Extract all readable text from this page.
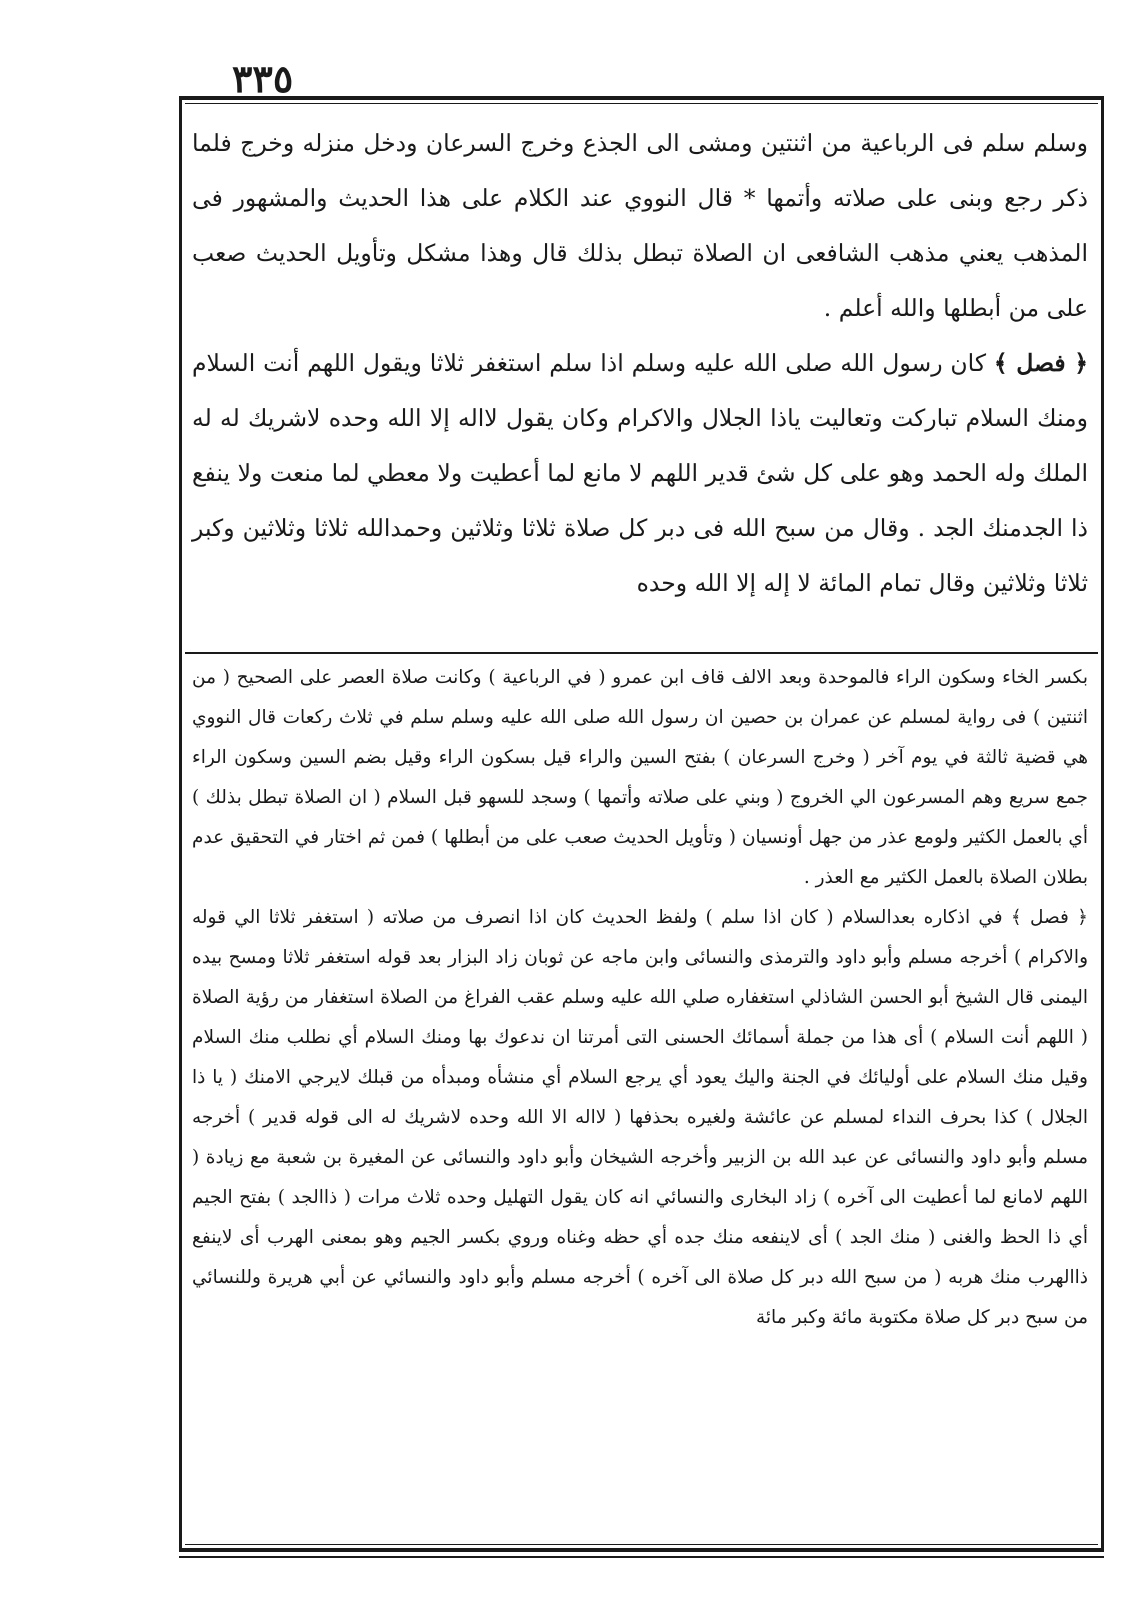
٣٣٥

وسلم سلم فى الرباعية من اثنتين ومشى الى الجذع وخرج السرعان ودخل منزله وخرج فلما ذكر رجع وبنى على صلاته وأتمها * قال النووي عند الكلام على هذا الحديث والمشهور فى المذهب يعني مذهب الشافعى ان الصلاة تبطل بذلك قال وهذا مشكل وتأويل الحديث صعب على من أبطلها والله أعلم .

﴿ فصل ﴾ كان رسول الله صلى الله عليه وسلم اذا سلم استغفر ثلاثا ويقول اللهم أنت السلام ومنك السلام تباركت وتعاليت ياذا الجلال والاكرام وكان يقول لااله إلا الله وحده لاشريك له له الملك وله الحمد وهو على كل شئ قدير اللهم لا مانع لما أعطيت ولا معطي لما منعت ولا ينفع ذا الجدمنك الجد . وقال من سبح الله فى دبر كل صلاة ثلاثا وثلاثين وحمدالله ثلاثا وثلاثين وكبر ثلاثا وثلاثين وقال تمام المائة لا إله إلا الله وحده

بكسر الخاء وسكون الراء فالموحدة وبعد الالف قاف ابن عمرو ( في الرباعية ) وكانت صلاة العصر على الصحيح ( من اثنتين ) فى رواية لمسلم عن عمران بن حصين ان رسول الله صلى الله عليه وسلم سلم في ثلاث ركعات قال النووي هي قضية ثالثة في يوم آخر ( وخرج السرعان ) بفتح السين والراء قيل بسكون الراء وقيل بضم السين وسكون الراء جمع سريع وهم المسرعون الي الخروج ( وبني على صلاته وأتمها ) وسجد للسهو قبل السلام ( ان الصلاة تبطل بذلك ) أي بالعمل الكثير ولومع عذر من جهل أونسيان ( وتأويل الحديث صعب على من أبطلها ) فمن ثم اختار في التحقيق عدم بطلان الصلاة بالعمل الكثير مع العذر .

﴿ فصل ﴾ في اذكاره بعدالسلام ( كان اذا سلم ) ولفظ الحديث كان اذا انصرف من صلاته ( استغفر ثلاثا الي قوله والاكرام ) أخرجه مسلم وأبو داود والترمذى والنسائى وابن ماجه عن ثوبان زاد البزار بعد قوله استغفر ثلاثا ومسح بيده اليمنى قال الشيخ أبو الحسن الشاذلي استغفاره صلي الله عليه وسلم عقب الفراغ من الصلاة استغفار من رؤية الصلاة ( اللهم أنت السلام ) أى هذا من جملة أسمائك الحسنى التى أمرتنا ان ندعوك بها ومنك السلام أي نطلب منك السلام وقيل منك السلام على أوليائك في الجنة واليك يعود أي يرجع السلام أي منشأه ومبدأه من قبلك لايرجي الامنك ( يا ذا الجلال ) كذا بحرف النداء لمسلم عن عائشة ولغيره بحذفها ( لااله الا الله وحده لاشريك له الى قوله قدير ) أخرجه مسلم وأبو داود والنسائى عن عبد الله بن الزبير وأخرجه الشيخان وأبو داود والنسائى عن المغيرة بن شعبة مع زيادة ( اللهم لامانع لما أعطيت الى آخره ) زاد البخارى والنسائي انه كان يقول التهليل وحده ثلاث مرات ( ذاالجد ) بفتح الجيم أي ذا الحظ والغنى ( منك الجد ) أى لاينفعه منك جده أي حظه وغناه وروي بكسر الجيم وهو بمعنى الهرب أى لاينفع ذاالهرب منك هربه ( من سبح الله دبر كل صلاة الى آخره ) أخرجه مسلم وأبو داود والنسائي عن أبي هريرة وللنسائي من سبح دبر كل صلاة مكتوبة مائة وكبر مائة
